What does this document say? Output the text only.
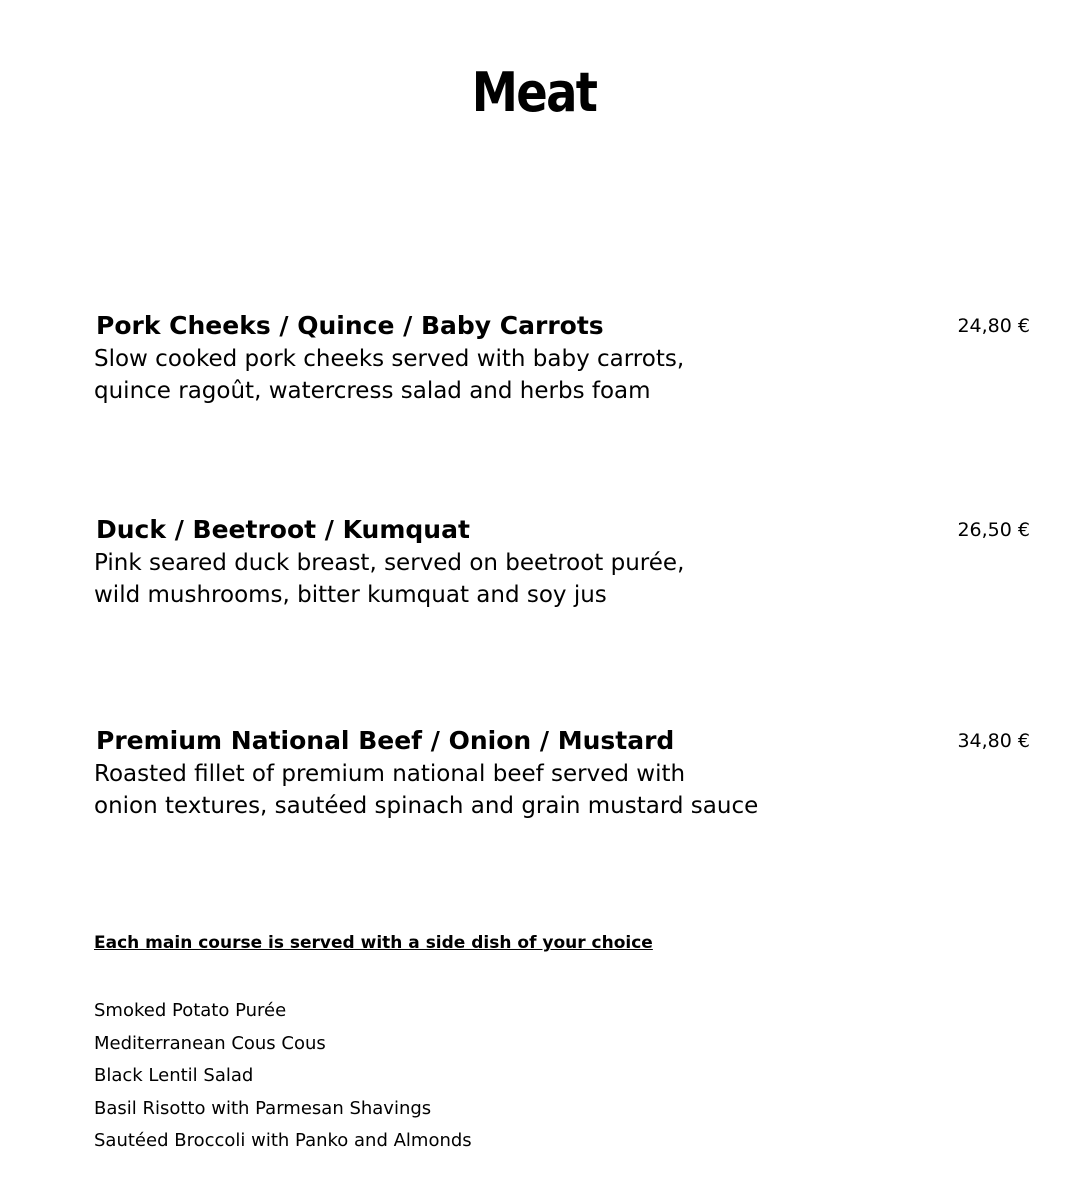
Meat
Pork Cheeks / Quince / Baby Carrots	24,80 €
Slow cooked pork cheeks served with baby carrots,
quince ragoût, watercress salad and herbs foam
Duck / Beetroot / Kumquat	26,50 €
Pink seared duck breast, served on beetroot purée,
wild mushrooms, bitter kumquat and soy jus
Premium National Beef / Onion / Mustard	34,80 €
Roasted fillet of premium national beef served with
onion textures, sautéed spinach and grain mustard sauce
Each main course is served with a side dish of your choice
Smoked Potato Purée
Mediterranean Cous Cous
Black Lentil Salad
Basil Risotto with Parmesan Shavings
Sautéed Broccoli with Panko and Almonds
